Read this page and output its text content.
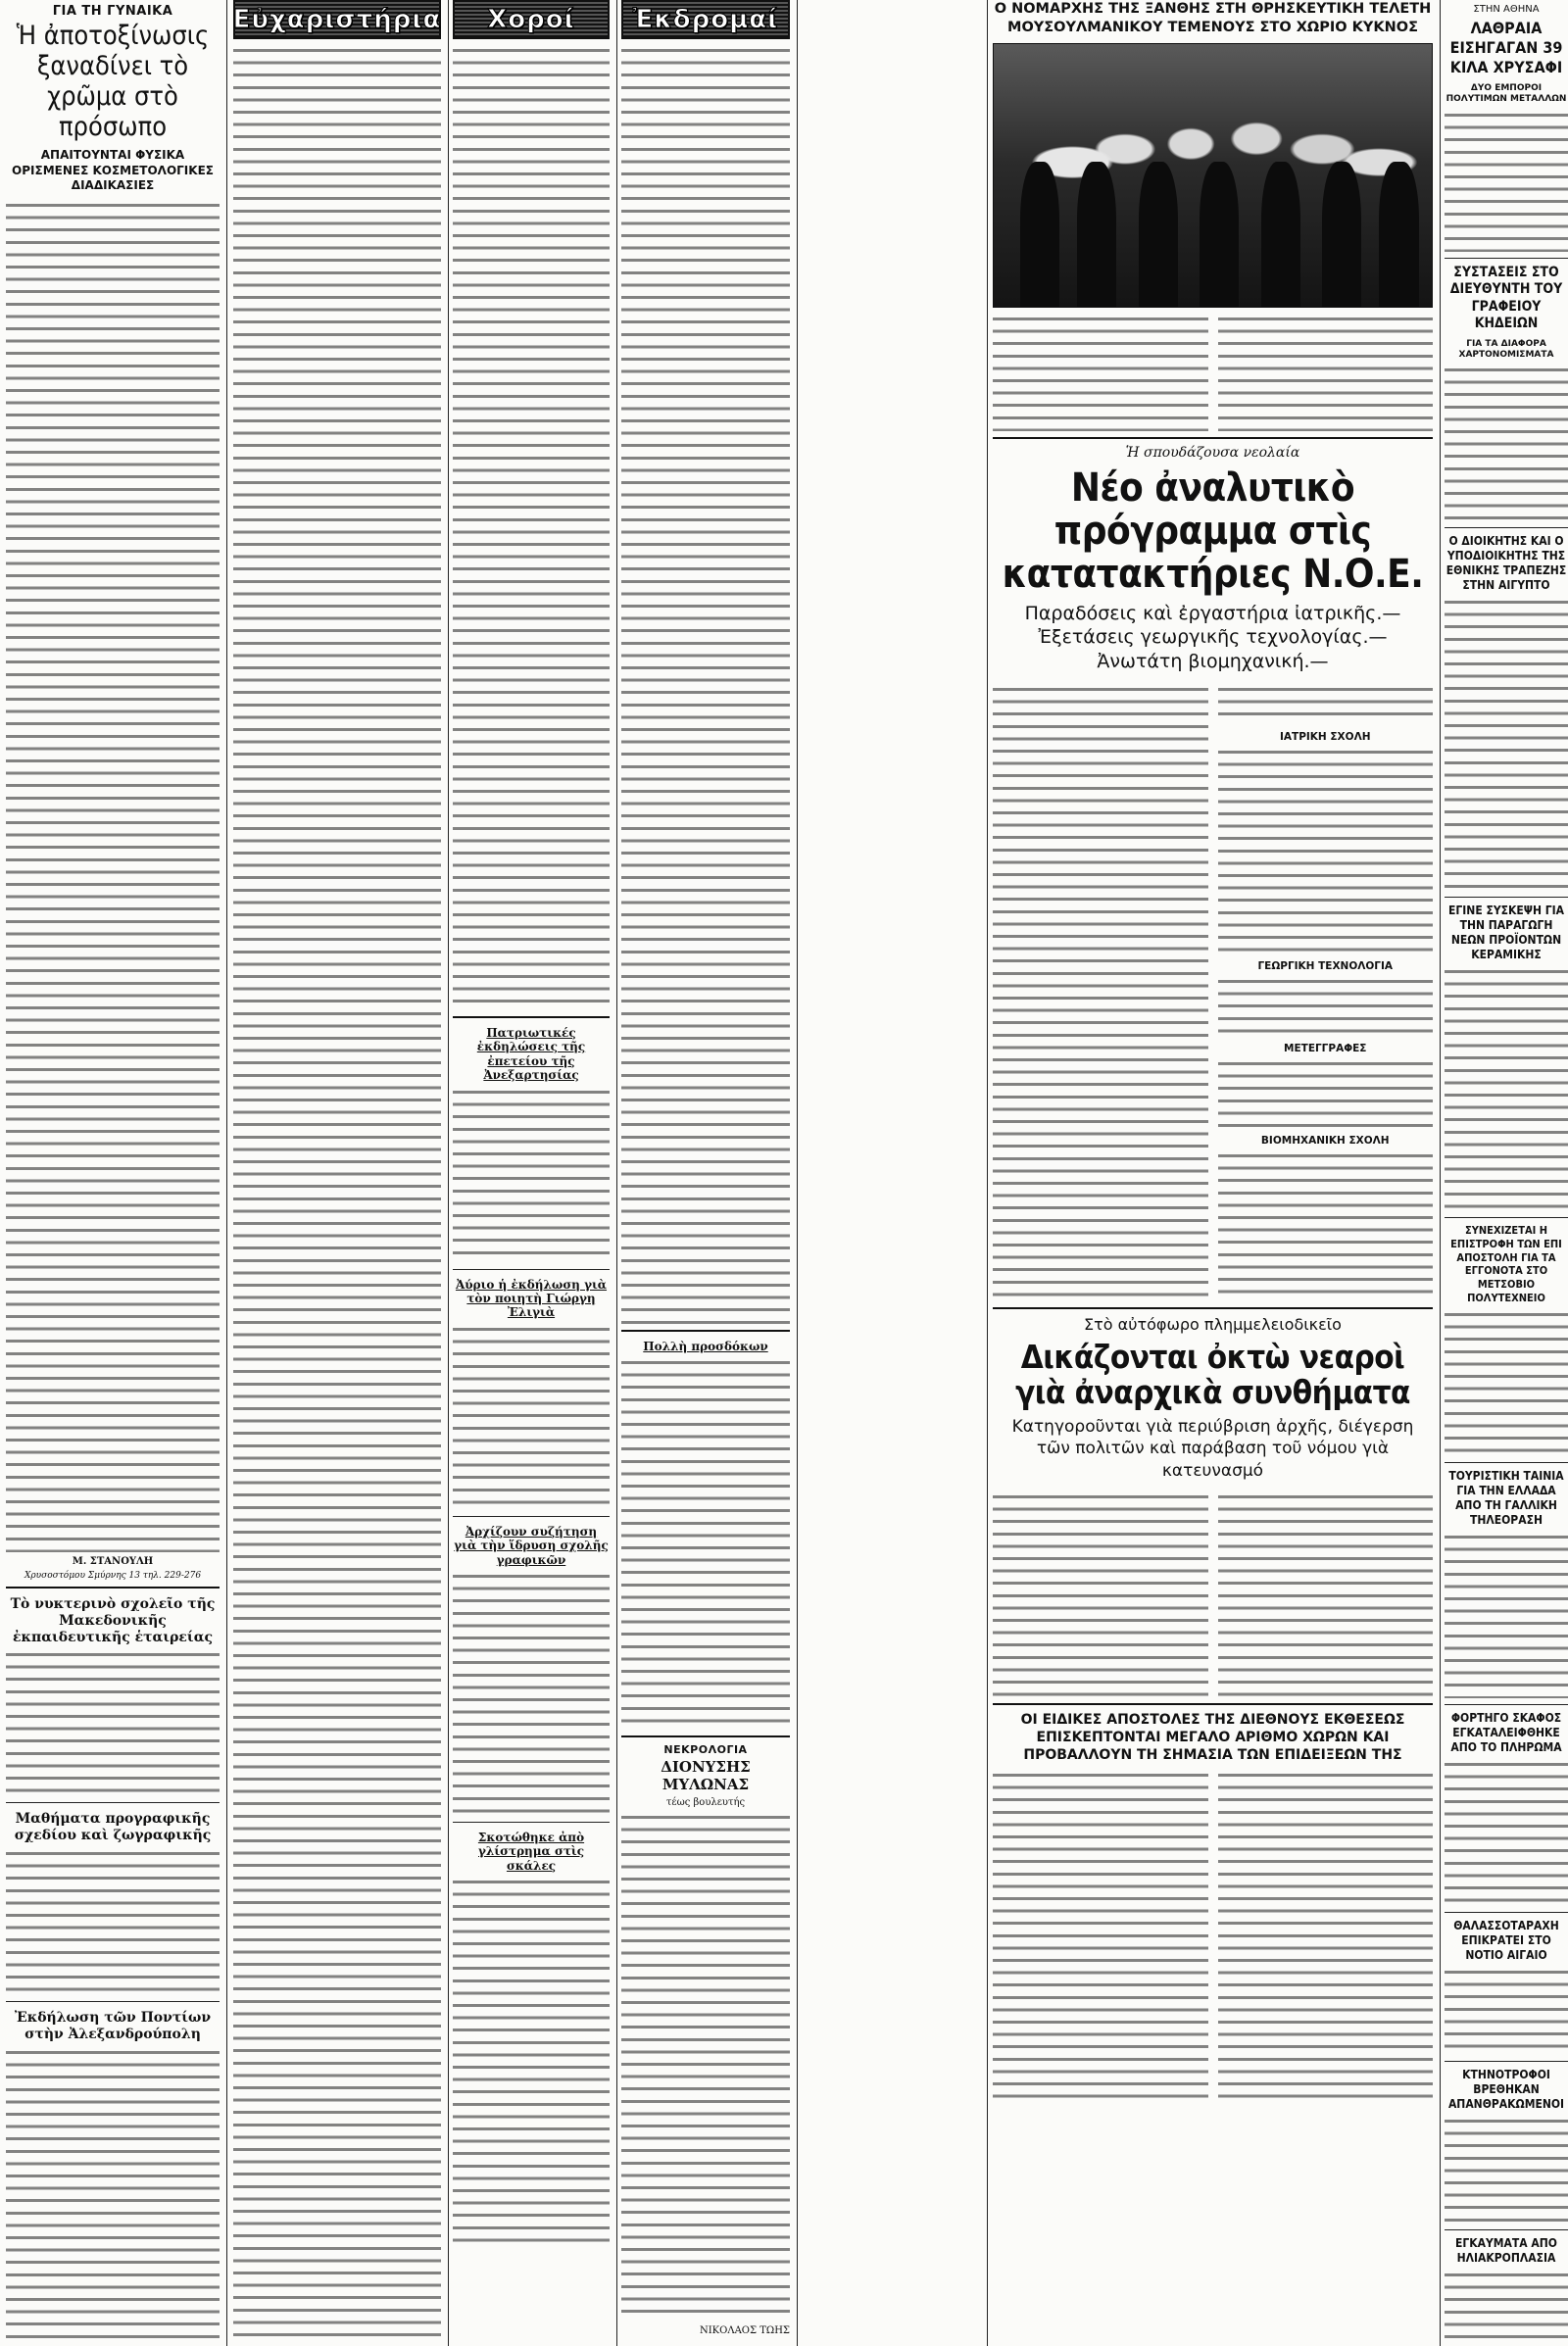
ΓΙΑ ΤΗ ΓΥΝΑΙΚΑ
Ἡ ἀποτοξίνωσις ξαναδίνει τὸ χρῶμα στὸ πρόσωπο
ΑΠΑΙΤΟΥΝΤΑΙ ΦΥΣΙΚΑ ΟΡΙΣΜΕΝΕΣ ΚΟΣΜΕΤΟΛΟΓΙΚΕΣ ΔΙΑΔΙΚΑΣΙΕΣ
Μ. ΣΤΑΝΟΥΛΗ
Χρυσοστόμου Σμύρνης 13 τηλ. 229-276
Τὸ νυκτερινὸ σχολεῖο τῆς Μακεδονικῆς ἐκπαιδευτικῆς ἑταιρείας
Μαθήματα προγραφικῆς σχεδίου καὶ ζωγραφικῆς
Ἐκδήλωση τῶν Ποντίων στὴν Ἀλεξανδρούπολη
Εὐχαριστήρια Χοροί
Πατριωτικές ἐκδηλώσεις τῆς ἐπετείου τῆς Ἀνεξαρτησίας
Ἀύριο ἡ ἐκδήλωση γιὰ τὸν ποιητὴ Γιώργη Ἐλιγιὰ
Ἀρχίζουν συζήτηση γιὰ τὴν ἵδρυση σχολῆς γραφικῶν
Σκοτώθηκε ἀπὸ γλίστρημα στὶς σκάλες
Ἐκδρομαί
Πολλὴ προσδόκων
ΝΕΚΡΟΛΟΓΙΑ
ΔΙΟΝΥΣΗΣ ΜΥΛΩΝΑΣ
τέως βουλευτής
ΝΙΚΟΛΑΟΣ ΤΩΗΣ
Ο ΝΟΜΑΡΧΗΣ ΤΗΣ ΞΑΝΘΗΣ ΣΤΗ ΘΡΗΣΚΕΥΤΙΚΗ ΤΕΛΕΤΗ ΜΟΥΣΟΥΛΜΑΝΙΚΟΥ ΤΕΜΕΝΟΥΣ ΣΤΟ ΧΩΡΙΟ ΚΥΚΝΟΣ
Ἡ σπουδάζουσα νεολαία
Νέο ἀναλυτικὸ πρόγραμμα στὶς κατατακτήριες Ν.Ο.Ε.
Παραδόσεις καὶ ἐργαστήρια ἰατρικῆς.— Ἐξετάσεις γεωργικῆς τεχνολογίας.— Ἀνωτάτη βιομηχανική.—
ΙΑΤΡΙΚΗ ΣΧΟΛΗ
ΓΕΩΡΓΙΚΗ ΤΕΧΝΟΛΟΓΙΑ
ΜΕΤΕΓΓΡΑΦΕΣ
ΒΙΟΜΗΧΑΝΙΚΗ ΣΧΟΛΗ
Στὸ αὐτόφωρο πλημμελειοδικεῖο
Δικάζονται ὀκτὼ νεαροὶ γιὰ ἀναρχικὰ συνθήματα
Κατηγοροῦνται γιὰ περιύβριση ἀρχῆς, διέγερση τῶν πολιτῶν καὶ παράβαση τοῦ νόμου γιὰ κατευνασμό
ΟΙ ΕΙΔΙΚΕΣ ΑΠΟΣΤΟΛΕΣ ΤΗΣ ΔΙΕΘΝΟΥΣ ΕΚΘΕΣΕΩΣ ΕΠΙΣΚΕΠΤΟΝΤΑΙ ΜΕΓΑΛΟ ΑΡΙΘΜΟ ΧΩΡΩΝ ΚΑΙ ΠΡΟΒΑΛΛΟΥΝ ΤΗ ΣΗΜΑΣΙΑ ΤΩΝ ΕΠΙΔΕΙΞΕΩΝ ΤΗΣ
ΣΤΗΝ ΑΘΗΝΑ
ΛΑΘΡΑΙΑ ΕΙΣΗΓΑΓΑΝ 39 ΚΙΛΑ ΧΡΥΣΑΦΙ
ΔΥΟ ΕΜΠΟΡΟΙ ΠΟΛΥΤΙΜΩΝ ΜΕΤΑΛΛΩΝ
ΣΥΣΤΑΣΕΙΣ ΣΤΟ ΔΙΕΥΘΥΝΤΗ ΤΟΥ ΓΡΑΦΕΙΟΥ ΚΗΔΕΙΩΝ
ΓΙΑ ΤΑ ΔΙΑΦΟΡΑ ΧΑΡΤΟΝΟΜΙΣΜΑΤΑ
Ο ΔΙΟΙΚΗΤΗΣ ΚΑΙ Ο ΥΠΟΔΙΟΙΚΗΤΗΣ ΤΗΣ ΕΘΝΙΚΗΣ ΤΡΑΠΕΖΗΣ ΣΤΗΝ ΑΙΓΥΠΤΟ
ΕΓΙΝΕ ΣΥΣΚΕΨΗ ΓΙΑ ΤΗΝ ΠΑΡΑΓΩΓΗ ΝΕΩΝ ΠΡΟΪΟΝΤΩΝ ΚΕΡΑΜΙΚΗΣ
ΣΥΝΕΧΙΖΕΤΑΙ Η ΕΠΙΣΤΡΟΦΗ ΤΩΝ ΕΠΙ ΑΠΟΣΤΟΛΗ ΓΙΑ ΤΑ ΕΓΓΟΝΟΤΑ ΣΤΟ ΜΕΤΣΟΒΙΟ ΠΟΛΥΤΕΧΝΕΙΟ
ΤΟΥΡΙΣΤΙΚΗ ΤΑΙΝΙΑ ΓΙΑ ΤΗΝ ΕΛΛΑΔΑ ΑΠΟ ΤΗ ΓΑΛΛΙΚΗ ΤΗΛΕΟΡΑΣΗ
ΦΟΡΤΗΓΟ ΣΚΑΦΟΣ ΕΓΚΑΤΑΛΕΙΦΘΗΚΕ ΑΠΟ ΤΟ ΠΛΗΡΩΜΑ
ΘΑΛΑΣΣΟΤΑΡΑΧΗ ΕΠΙΚΡΑΤΕΙ ΣΤΟ ΝΟΤΙΟ ΑΙΓΑΙΟ
ΚΤΗΝΟΤΡΟΦΟΙ ΒΡΕΘΗΚΑΝ ΑΠΑΝΘΡΑΚΩΜΕΝΟΙ
ΕΓΚΑΥΜΑΤΑ ΑΠΟ ΗΛΙΑΚΡΟΠΛΑΣΙΑ
